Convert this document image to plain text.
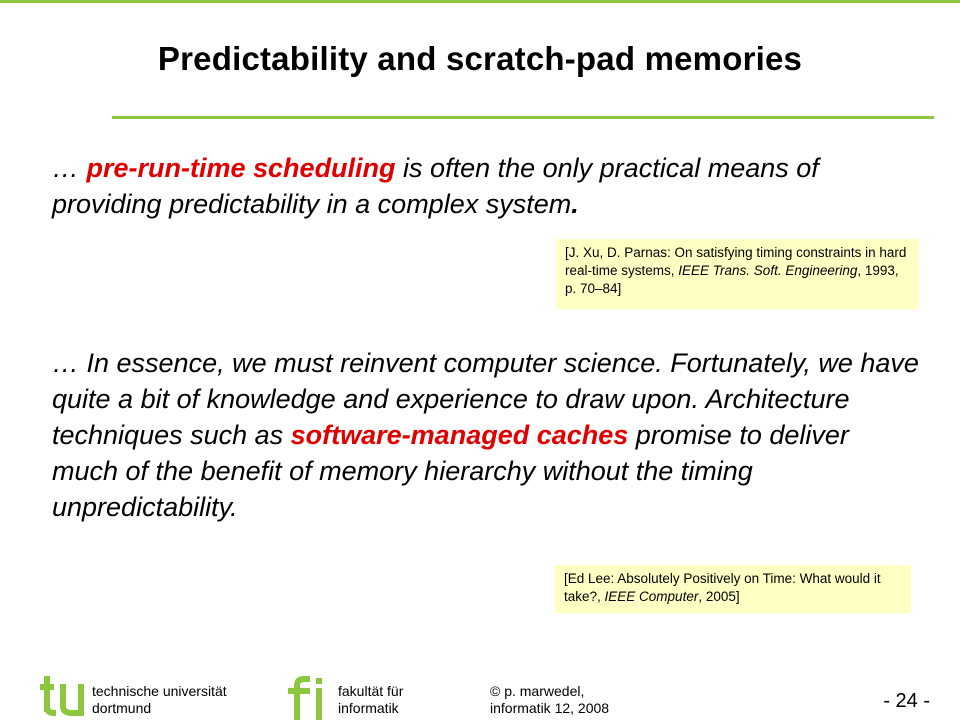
Predictability and scratch-pad memories

… pre-run-time scheduling is often the only practical means of providing predictability in a complex system.

[J. Xu, D. Parnas: On satisfying timing constraints in hard real-time systems, IEEE Trans. Soft. Engineering, 1993, p. 70–84]

… In essence, we must reinvent computer science. Fortunately, we have quite a bit of knowledge and experience to draw upon. Architecture techniques such as software-managed caches promise to deliver much of the benefit of memory hierarchy without the timing unpredictability.

[Ed Lee: Absolutely Positively on Time: What would it take?, IEEE Computer, 2005]

technische universität
dortmund
fakultät für
informatik
© p. marwedel,
informatik 12, 2008	- 24 -
